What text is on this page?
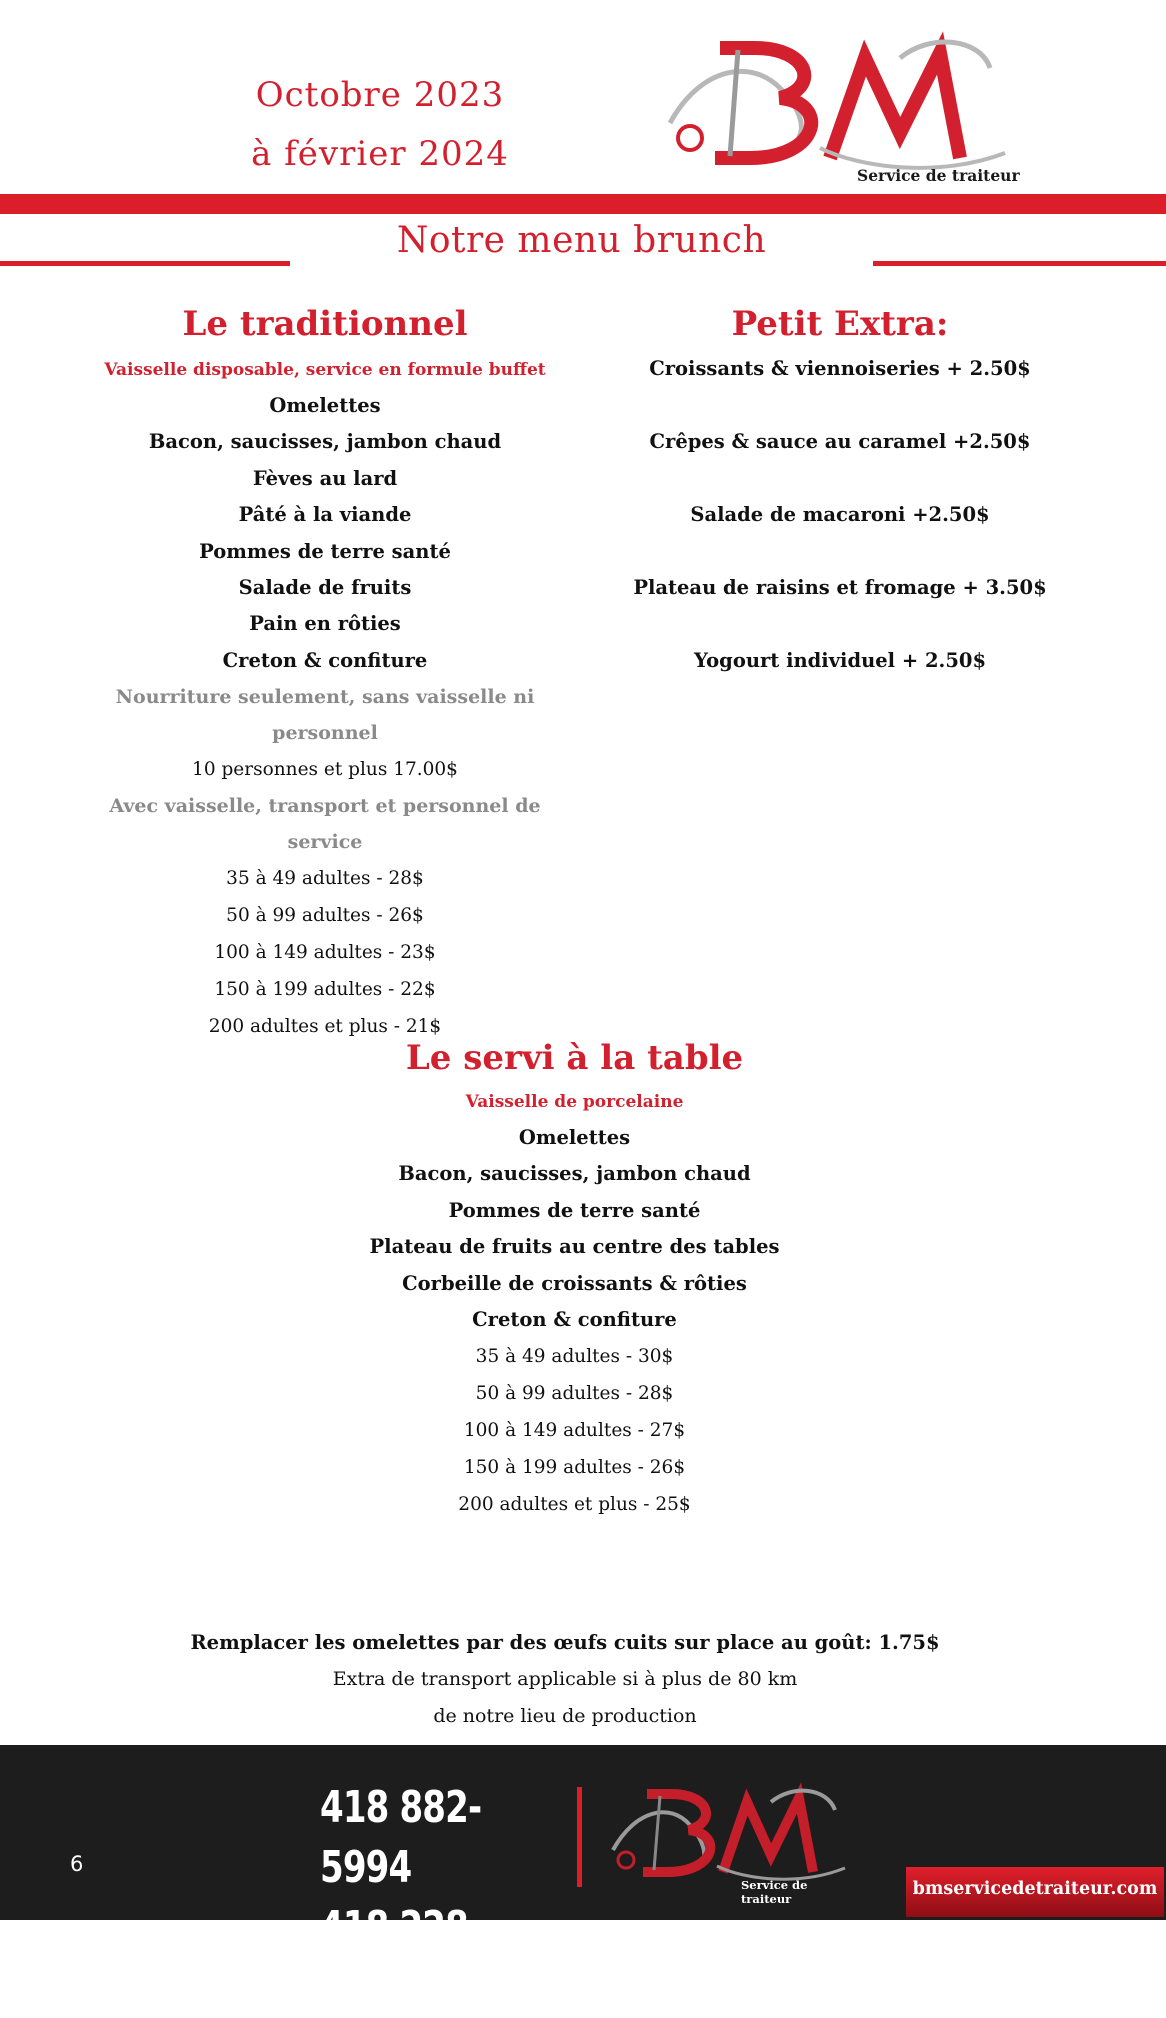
Octobre 2023
à février 2024
Service de traiteur
Notre menu brunch
Le traditionnel
Vaisselle disposable, service en formule buffet
Omelettes
Bacon, saucisses, jambon chaud
Fèves au lard
Pâté à la viande
Pommes de terre santé
Salade de fruits
Pain en rôties
Creton & confiture
Nourriture seulement, sans vaisselle ni personnel
10 personnes et plus 17.00$
Avec vaisselle, transport et personnel de service
35 à 49 adultes - 28$
50 à 99 adultes - 26$
100 à 149 adultes - 23$
150 à 199 adultes - 22$
200 adultes et plus - 21$
Petit Extra:
Croissants & viennoiseries + 2.50$
Crêpes & sauce au caramel +2.50$
Salade de macaroni +2.50$
Plateau de raisins et fromage + 3.50$
Yogourt individuel + 2.50$
Le servi à la table
Vaisselle de porcelaine
Omelettes
Bacon, saucisses, jambon chaud
Pommes de terre santé
Plateau de fruits au centre des tables
Corbeille de croissants & rôties
Creton & confiture
35 à 49 adultes - 30$
50 à 99 adultes - 28$
100 à 149 adultes - 27$
150 à 199 adultes - 26$
200 adultes et plus - 25$
Remplacer les omelettes par des œufs cuits sur place au goût: 1.75$
Extra de transport applicable si à plus de 80 km
de notre lieu de production
6
418 882-5994
418 228-1464
Service de traiteur	bmservicedetraiteur.com
